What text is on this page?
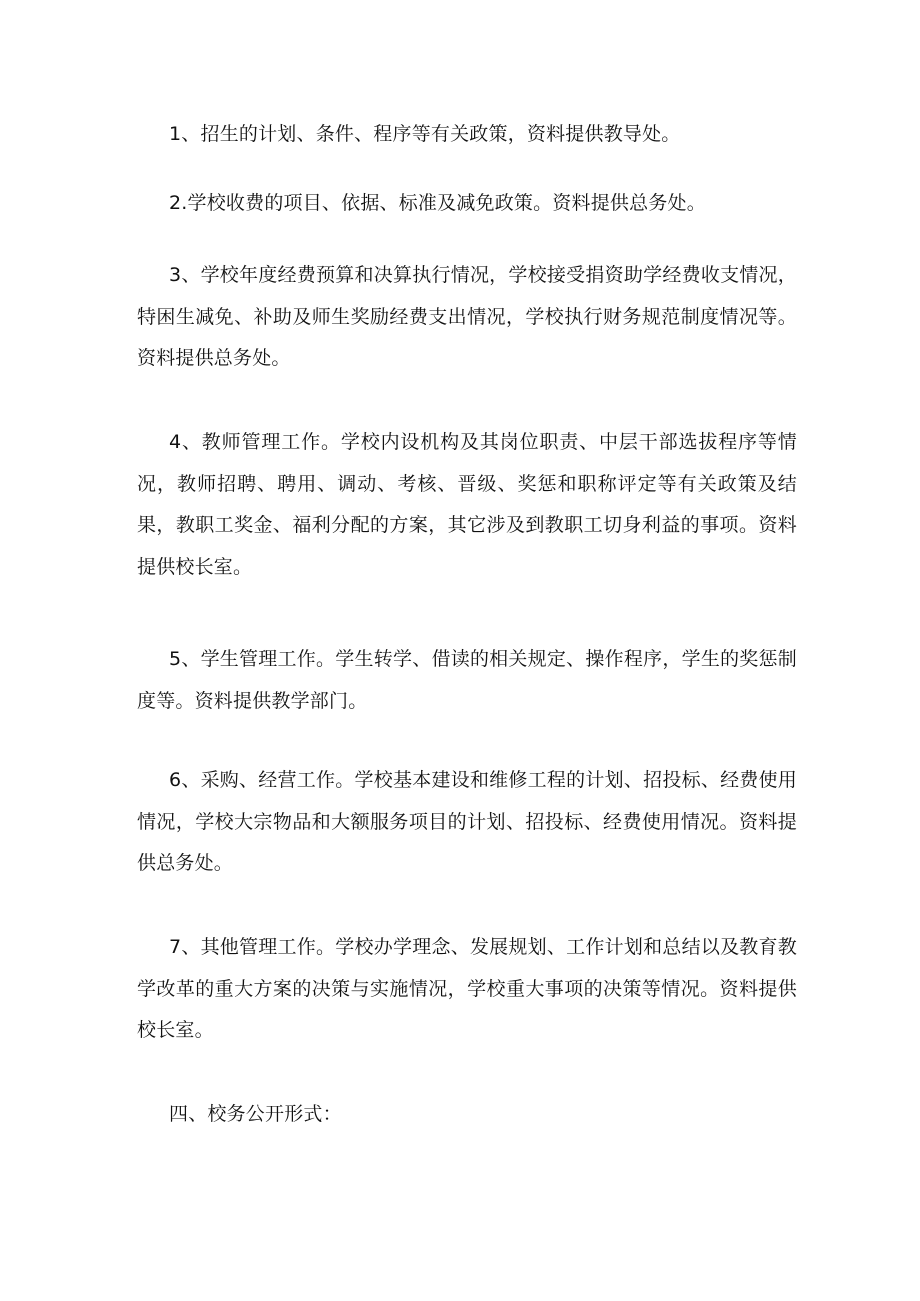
1、招生的计划、条件、程序等有关政策，资料提供教导处。

2.学校收费的项目、依据、标准及减免政策。资料提供总务处。

3、学校年度经费预算和决算执行情况，学校接受捐资助学经费收支情况，特困生减免、补助及师生奖励经费支出情况，学校执行财务规范制度情况等。资料提供总务处。

4、教师管理工作。学校内设机构及其岗位职责、中层干部选拔程序等情况，教师招聘、聘用、调动、考核、晋级、奖惩和职称评定等有关政策及结果，教职工奖金、福利分配的方案，其它涉及到教职工切身利益的事项。资料提供校长室。

5、学生管理工作。学生转学、借读的相关规定、操作程序，学生的奖惩制度等。资料提供教学部门。

6、采购、经营工作。学校基本建设和维修工程的计划、招投标、经费使用情况，学校大宗物品和大额服务项目的计划、招投标、经费使用情况。资料提供总务处。

7、其他管理工作。学校办学理念、发展规划、工作计划和总结以及教育教学改革的重大方案的决策与实施情况，学校重大事项的决策等情况。资料提供校长室。

四、校务公开形式：
